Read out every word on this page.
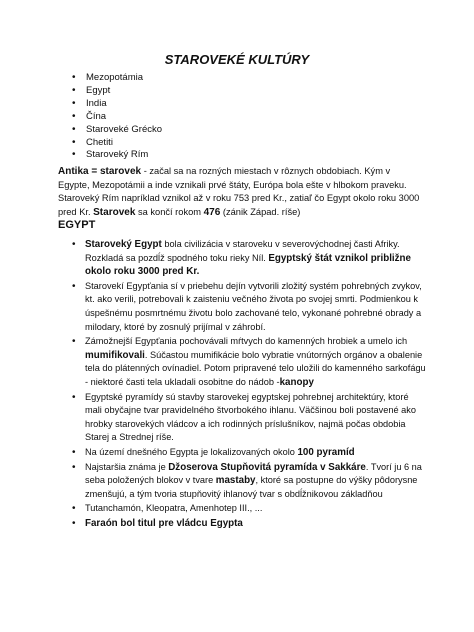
STAROVEKÉ KULTÚRY
• Mezopotámia
• Egypt
• India
• Čína
• Staroveké Grécko
• Chetiti
• Staroveký Rím
Antika = starovek - začal sa na rozných miestach v rôznych obdobiach. Kým v Egypte, Mezopotámii a inde vznikali prvé štáty, Európa bola ešte v hlbokom praveku. Staroveký Rím napríklad vznikol až v roku 753 pred Kr., zatiaľ čo Egypt okolo roku 3000 pred Kr. Starovek sa končí rokom 476 (zánik Západ. ríše)
EGYPT
• Staroveký Egypt bola civilizácia v staroveku v severovýchodnej časti Afriky. Rozkladá sa pozdĺž spodného toku rieky Níl. Egyptský štát vznikol približne okolo roku 3000 pred Kr.
• Starovekí Egypťania sí v priebehu dejín vytvorili zložitý systém pohrebných zvykov, kt. ako verili, potrebovali k zaisteniu večného života po svojej smrti. Podmienkou k úspešnému posmrtnému životu bolo zachované telo, vykonané pohrebné obrady a milodary, ktoré by zosnulý prijímal v záhrobí.
• Zámožnejší Egypťania pochovávali mŕtvych do kamenných hrobiek a umelo ich mumifikovali. Súčastou mumifikácie bolo vybratie vnútorných orgánov a obalenie tela do plátenných ovínadiel. Potom pripravené telo uložili do kamenného sarkofágu - niektoré časti tela ukladali osobitne do nádob -kanopy
• Egyptské pyramídy sú stavby starovekej egyptskej pohrebnej architektúry, ktoré mali obyčajne tvar pravidelného štvorbokého ihlanu. Väčšinou boli postavené ako hrobky starovekých vládcov a ich rodinných príslušníkov, najmä počas obdobia Starej a Strednej ríše.
• Na území dnešného Egypta je lokalizovaných okolo 100 pyramíd
• Najstaršia známa je Džoserova Stupňovitá pyramída v Sakkáre. Tvorí ju 6 na seba položených blokov v tvare mastaby, ktoré sa postupne do výšky pôdorysne zmenšujú, a tým tvoria stupňovitý ihlanový tvar s obdĺžnikovou základňou
• Tutanchamón, Kleopatra, Amenhotep III., ...
• Faraón bol titul pre vládcu Egypta
